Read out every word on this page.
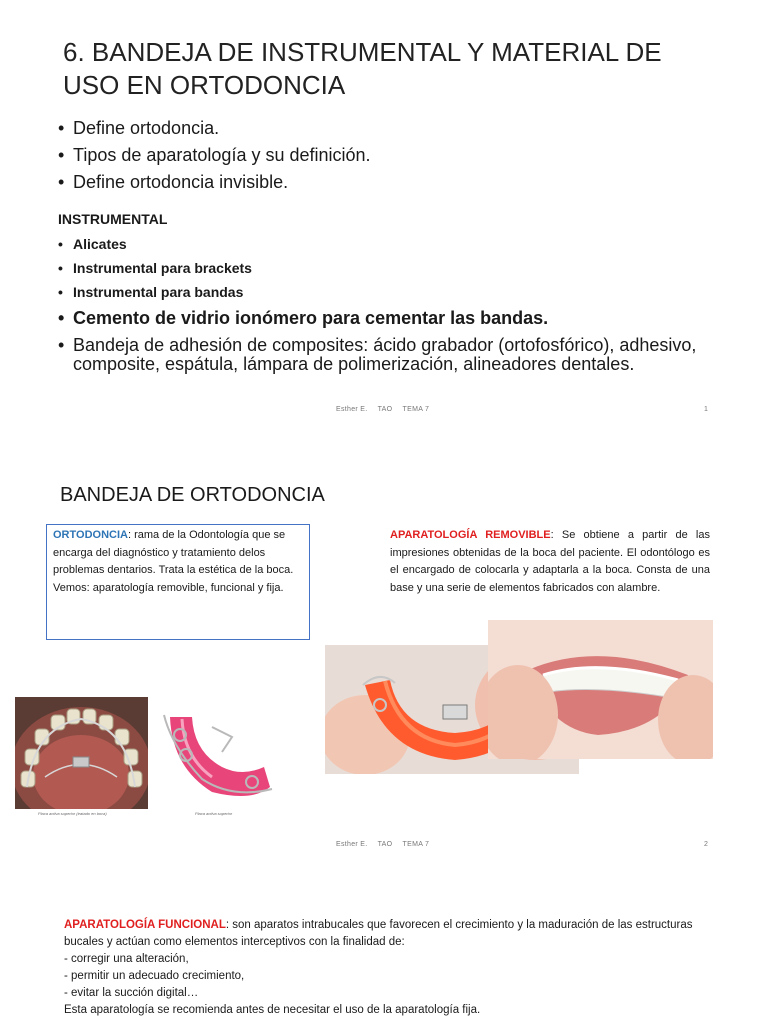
6. BANDEJA DE INSTRUMENTAL Y MATERIAL DE USO EN ORTODONCIA
• Define ortodoncia.
• Tipos de aparatología y su definición.
• Define ortodoncia invisible.

INSTRUMENTAL

• Alicates
• Instrumental para brackets
• Instrumental para bandas
• Cemento de vidrio ionómero para cementar las bandas.
• Bandeja de adhesión de composites: ácido grabador (ortofosfórico), adhesivo, composite, espátula, lámpara de polimerización, alineadores dentales.
Esther E. TAO TEMA 7	1
BANDEJA DE ORTODONCIA
ORTODONCIA: rama de la Odontología que se encarga del diagnóstico y tratamiento delos problemas dentarios. Trata la estética de la boca. Vemos: aparatología removible, funcional y fija.
APARATOLOGÍA REMOVIBLE: Se obtiene a partir de las impresiones obtenidas de la boca del paciente. El odontólogo es el encargado de colocarla y adaptarla a la boca. Consta de una base y una serie de elementos fabricados con alambre.
Placa activa superior (tratado en boca)	Placa activa superior
Esther E. TAO TEMA 7	2

APARATOLOGÍA FUNCIONAL: son aparatos intrabucales que favorecen el crecimiento y la maduración de las estructuras bucales y actúan como elementos interceptivos con la finalidad de:

- corregir una alteración,

- permitir un adecuado crecimiento,

- evitar la succión digital…

Esta aparatología se recomienda antes de necesitar el uso de la aparatología fija.
